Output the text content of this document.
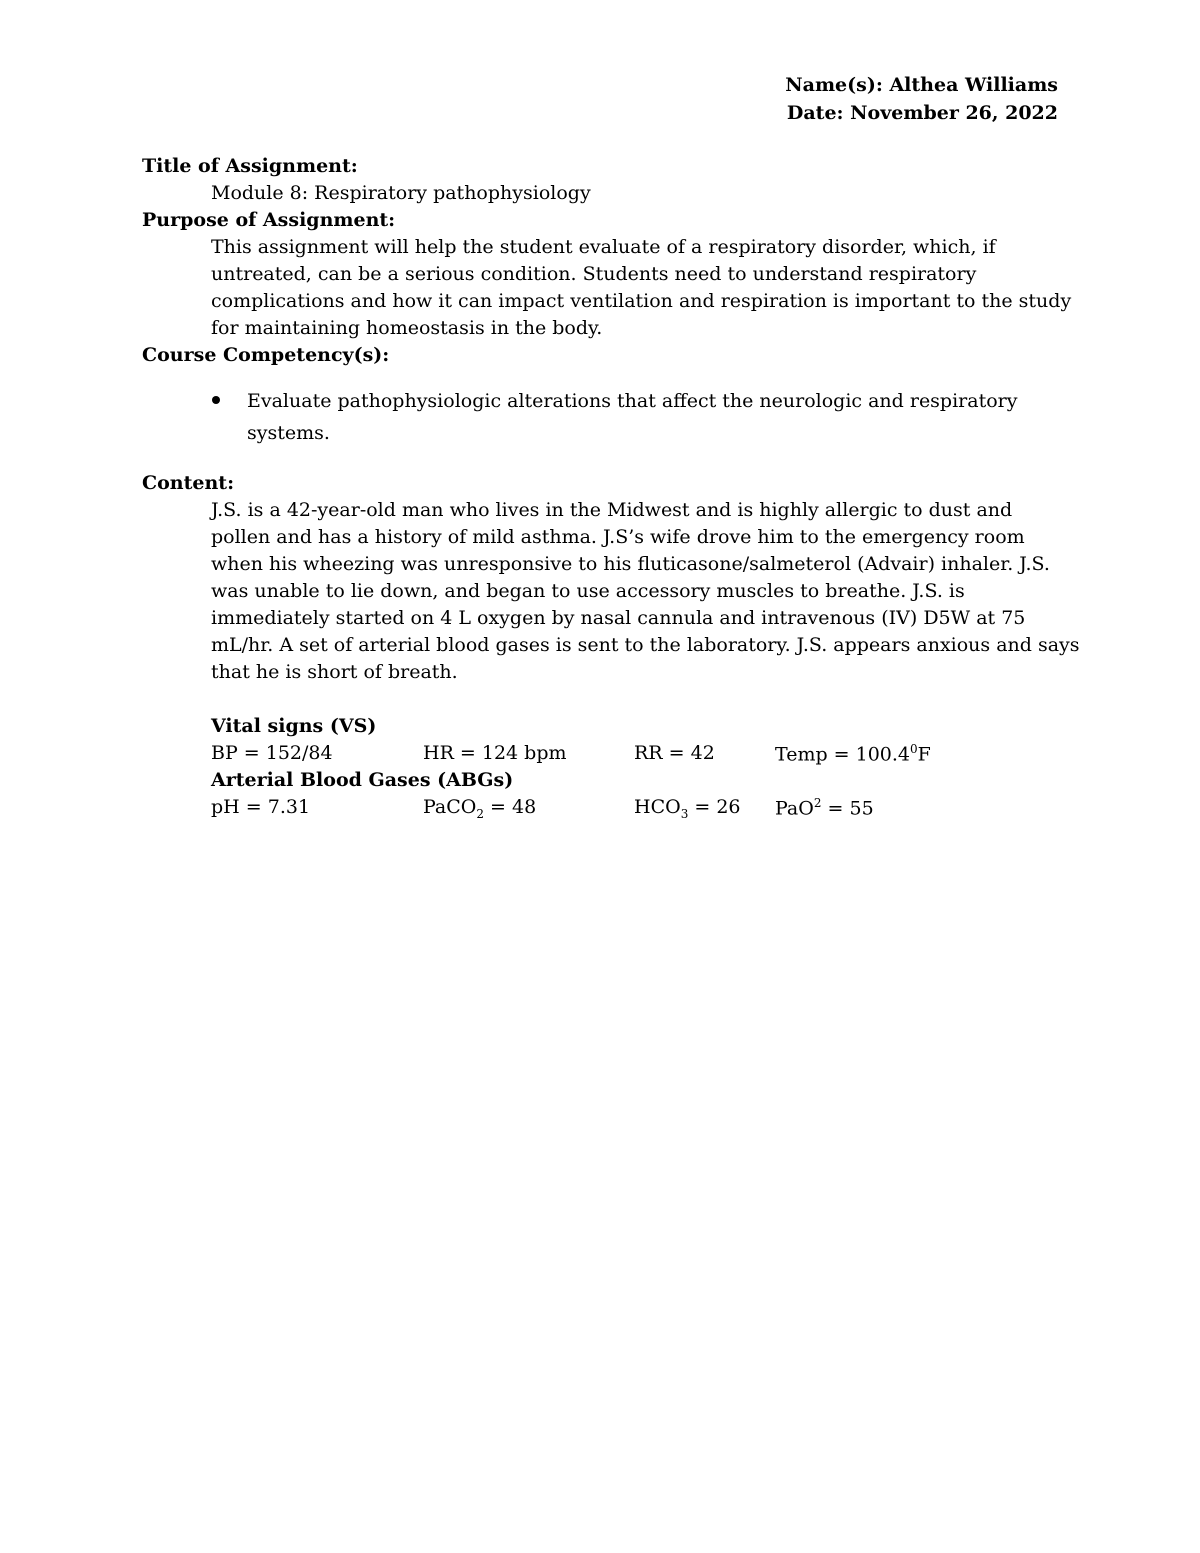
Name(s): Althea Williams
Date: November 26, 2022
Title of Assignment:
Module 8: Respiratory pathophysiology
Purpose of Assignment:
This assignment will help the student evaluate of a respiratory disorder, which, if
untreated, can be a serious condition. Students need to understand respiratory
complications and how it can impact ventilation and respiration is important to the study
for maintaining homeostasis in the body.
Course Competency(s):
Evaluate pathophysiologic alterations that affect the neurologic and respiratory
systems.
Content:
J.S. is a 42-year-old man who lives in the Midwest and is highly allergic to dust and
pollen and has a history of mild asthma. J.S’s wife drove him to the emergency room
when his wheezing was unresponsive to his fluticasone/salmeterol (Advair) inhaler. J.S.
was unable to lie down, and began to use accessory muscles to breathe. J.S. is
immediately started on 4 L oxygen by nasal cannula and intravenous (IV) D5W at 75
mL/hr. A set of arterial blood gases is sent to the laboratory. J.S. appears anxious and says
that he is short of breath.
Vital signs (VS)
BP = 152/84	HR = 124 bpm	RR = 42	Temp = $100.4^0F$
Arterial Blood Gases (ABGs)
pH = 7.31	PaCO$_2$ = 48	$HCO_3 = 26$ PaO$^2$ = 55
